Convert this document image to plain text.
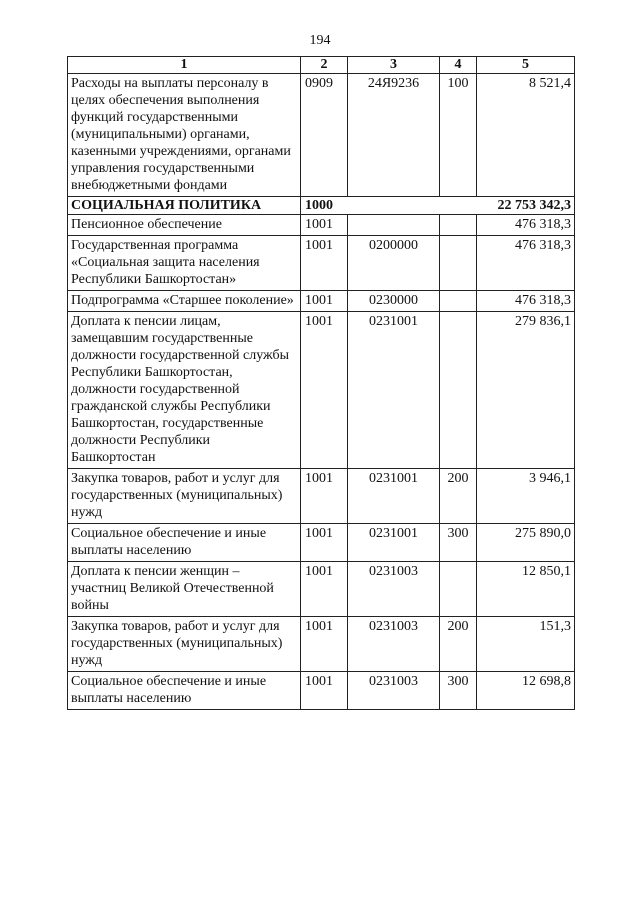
194
1	2	3	4	5
Расходы на выплаты персоналу в целях обеспечения выполнения функций государственными (муниципальными) органами, казенными учреждениями, органами управления государственными внебюджетными фондами	0909	24Я9236	100	8 521,4
СОЦИАЛЬНАЯ ПОЛИТИКА	1000			22 753 342,3
Пенсионное обеспечение	1001			476 318,3
Государственная программа «Социальная защита населения Республики Башкортостан»	1001	0200000		476 318,3
Подпрограмма «Старшее поколение»	1001	0230000		476 318,3
Доплата к пенсии лицам, замещавшим государственные должности государственной службы Республики Башкортостан, должности государственной гражданской службы Республики Башкортостан, государственные должности Республики Башкортостан	1001	0231001		279 836,1
Закупка товаров, работ и услуг для государственных (муниципальных) нужд	1001	0231001	200	3 946,1
Социальное обеспечение и иные выплаты населению	1001	0231001	300	275 890,0
Доплата к пенсии женщин – участниц Великой Отечественной войны	1001	0231003		12 850,1
Закупка товаров, работ и услуг для государственных (муниципальных) нужд	1001	0231003	200	151,3
Социальное обеспечение и иные выплаты населению	1001	0231003	300	12 698,8
